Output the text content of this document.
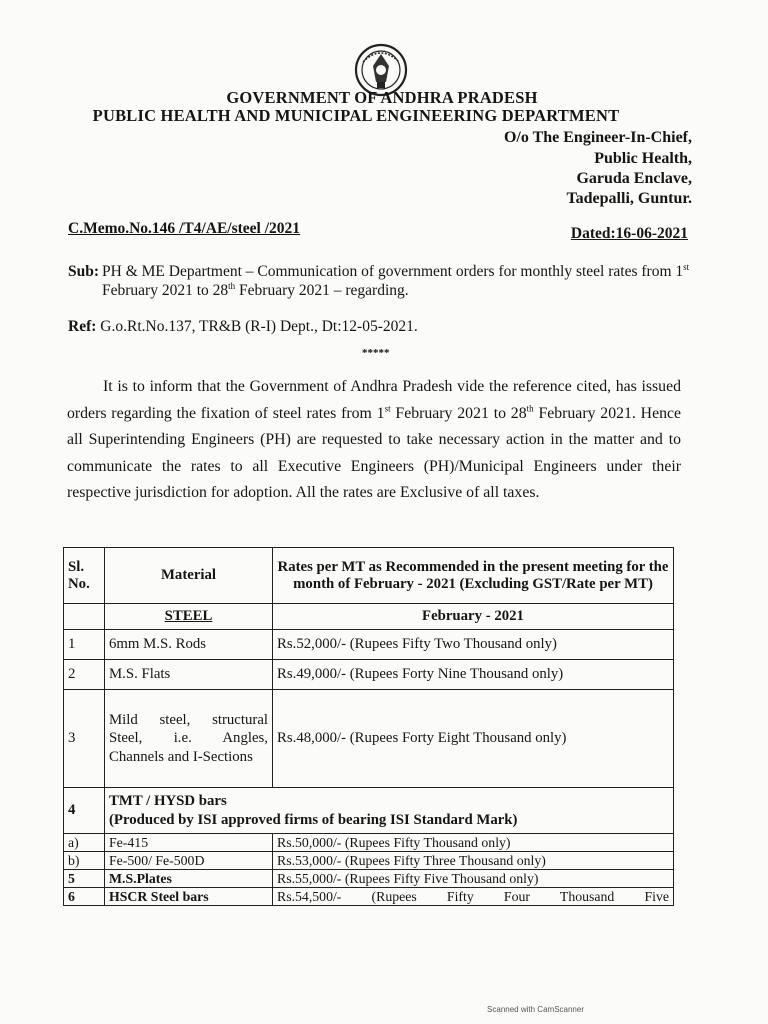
GOVERNMENT OF ANDHRA PRADESH
PUBLIC HEALTH AND MUNICIPAL ENGINEERING DEPARTMENT
O/o The Engineer-In-Chief,
Public Health,
Garuda Enclave,
Tadepalli, Guntur.
C.Memo.No.146 /T4/AE/steel /2021	Dated:16-06-2021
Sub: PH & ME Department – Communication of government orders for monthly steel rates from 1st February 2021 to 28th February 2021 – regarding.
Ref: G.o.Rt.No.137, TR&B (R-I) Dept., Dt:12-05-2021.
*****
It is to inform that the Government of Andhra Pradesh vide the reference cited, has issued orders regarding the fixation of steel rates from 1st February 2021 to 28th February 2021. Hence all Superintending Engineers (PH) are requested to take necessary action in the matter and to communicate the rates to all Executive Engineers (PH)/Municipal Engineers under their respective jurisdiction for adoption. All the rates are Exclusive of all taxes.
Sl. No.	Material	Rates per MT as Recommended in the present meeting for the month of February - 2021 (Excluding GST/Rate per MT)
	STEEL	February - 2021
1	6mm M.S. Rods	Rs.52,000/- (Rupees Fifty Two Thousand only)
2	M.S. Flats	Rs.49,000/- (Rupees Forty Nine Thousand only)
3	Mild steel, structural Steel, i.e. Angles, Channels and I-Sections	Rs.48,000/- (Rupees Forty Eight Thousand only)
4	TMT / HYSD bars
(Produced by ISI approved firms of bearing ISI Standard Mark)	

a)	Fe-415	Rs.50,000/- (Rupees Fifty Thousand only)
b)	Fe-500/ Fe-500D	Rs.53,000/- (Rupees Fifty Three Thousand only)
5	M.S.Plates	Rs.55,000/- (Rupees Fifty Five Thousand only)
6	HSCR Steel bars	Rs.54,500/- (Rupees Fifty Four Thousand Five
Scanned with CamScanner
